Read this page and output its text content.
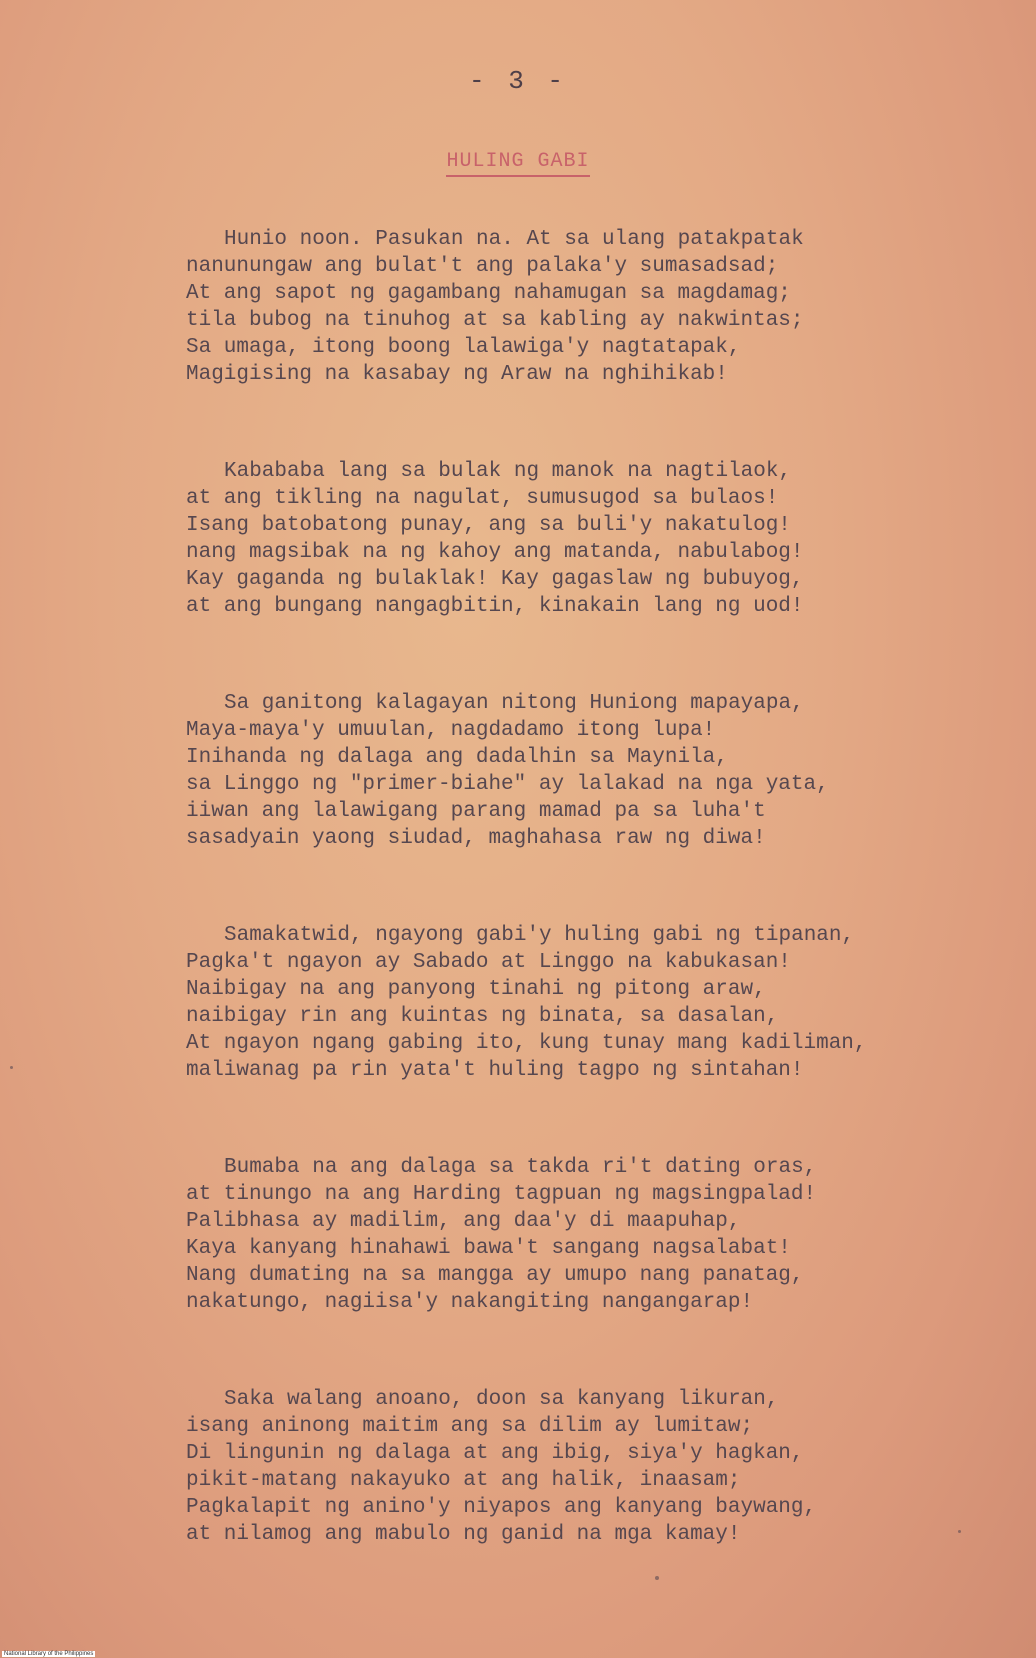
- 3 -
HULING GABI
Hunio noon. Pasukan na. At sa ulang patakpatak
nanunungaw ang bulat't ang palaka'y sumasadsad;
At ang sapot ng gagambang nahamugan sa magdamag;
tila bubog na tinuhog at sa kabling ay nakwintas;
Sa umaga, itong boong lalawiga'y nagtatapak,
Magigising na kasabay ng Araw na nghihikab!
Kabababa lang sa bulak ng manok na nagtilaok,
at ang tikling na nagulat, sumusugod sa bulaos!
Isang batobatong punay, ang sa buli'y nakatulog!
nang magsibak na ng kahoy ang matanda, nabulabog!
Kay gaganda ng bulaklak! Kay gagaslaw ng bubuyog,
at ang bungang nangagbitin, kinakain lang ng uod!
Sa ganitong kalagayan nitong Huniong mapayapa,
Maya-maya'y umuulan, nagdadamo itong lupa!
Inihanda ng dalaga ang dadalhin sa Maynila,
sa Linggo ng "primer-biahe" ay lalakad na nga yata,
iiwan ang lalawigang parang mamad pa sa luha't
sasadyain yaong siudad, maghahasa raw ng diwa!
Samakatwid, ngayong gabi'y huling gabi ng tipanan,
Pagka't ngayon ay Sabado at Linggo na kabukasan!
Naibigay na ang panyong tinahi ng pitong araw,
naibigay rin ang kuintas ng binata, sa dasalan,
At ngayon ngang gabing ito, kung tunay mang kadiliman,
maliwanag pa rin yata't huling tagpo ng sintahan!
Bumaba na ang dalaga sa takda ri't dating oras,
at tinungo na ang Harding tagpuan ng magsingpalad!
Palibhasa ay madilim, ang daa'y di maapuhap,
Kaya kanyang hinahawi bawa't sangang nagsalabat!
Nang dumating na sa mangga ay umupo nang panatag,
nakatungo, nagiisa'y nakangiting nangangarap!
Saka walang anoano, doon sa kanyang likuran,
isang aninong maitim ang sa dilim ay lumitaw;
Di lingunin ng dalaga at ang ibig, siya'y hagkan,
pikit-matang nakayuko at ang halik, inaasam;
Pagkalapit ng anino'y niyapos ang kanyang baywang,
at nilamog ang mabulo ng ganid na mga kamay!
National Library of the Philippines
